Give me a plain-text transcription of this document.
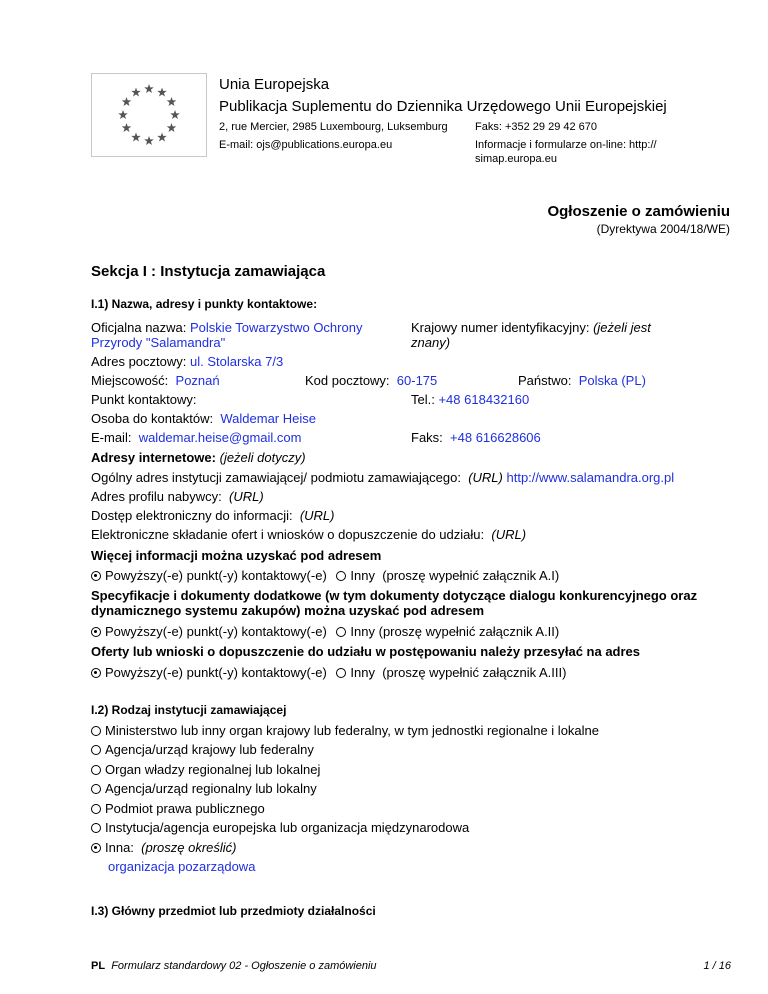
Unia Europejska
Publikacja Suplementu do Dziennika Urzędowego Unii Europejskiej
2, rue Mercier, 2985 Luxembourg, Luksemburg Faks: +352 29 29 42 670
E-mail: ojs@publications.europa.eu	Informacje i formularze on-line: http://
simap.europa.eu
Ogłoszenie o zamówieniu
(Dyrektywa 2004/18/WE)
Sekcja I : Instytucja zamawiająca
I.1) Nazwa, adresy i punkty kontaktowe:
Oficjalna nazwa: Polskie Towarzystwo Ochrony
Przyrody "Salamandra"
Krajowy numer identyfikacyjny: (jeżeli jest
znany)
Adres pocztowy: ul. Stolarska 7/3
Miejscowość: Poznań	Kod pocztowy: 60-175	Państwo: Polska (PL)
Punkt kontaktowy:	Tel.: +48 618432160
Osoba do kontaktów: Waldemar Heise
E-mail: waldemar.heise@gmail.com	Faks: +48 616628606
Adresy internetowe: (jeżeli dotyczy)
Ogólny adres instytucji zamawiającej/ podmiotu zamawiającego: (URL) http://www.salamandra.org.pl
Adres profilu nabywcy: (URL)
Dostęp elektroniczny do informacji: (URL)
Elektroniczne składanie ofert i wniosków o dopuszczenie do udziału: (URL)
Więcej informacji można uzyskać pod adresem
Powyższy(-e) punkt(-y) kontaktowy(-e) Inny (proszę wypełnić załącznik A.I)
Specyfikacje i dokumenty dodatkowe (w tym dokumenty dotyczące dialogu konkurencyjnego oraz
dynamicznego systemu zakupów) można uzyskać pod adresem
Powyższy(-e) punkt(-y) kontaktowy(-e) Inny (proszę wypełnić załącznik A.II)
Oferty lub wnioski o dopuszczenie do udziału w postępowaniu należy przesyłać na adres
Powyższy(-e) punkt(-y) kontaktowy(-e) Inny (proszę wypełnić załącznik A.III)
I.2) Rodzaj instytucji zamawiającej
Ministerstwo lub inny organ krajowy lub federalny, w tym jednostki regionalne i lokalne
Agencja/urząd krajowy lub federalny
Organ władzy regionalnej lub lokalnej
Agencja/urząd regionalny lub lokalny
Podmiot prawa publicznego
Instytucja/agencja europejska lub organizacja międzynarodowa
Inna: (proszę określić)
organizacja pozarządowa
I.3) Główny przedmiot lub przedmioty działalności
PL Formularz standardowy 02 - Ogłoszenie o zamówieniu	1 / 16
